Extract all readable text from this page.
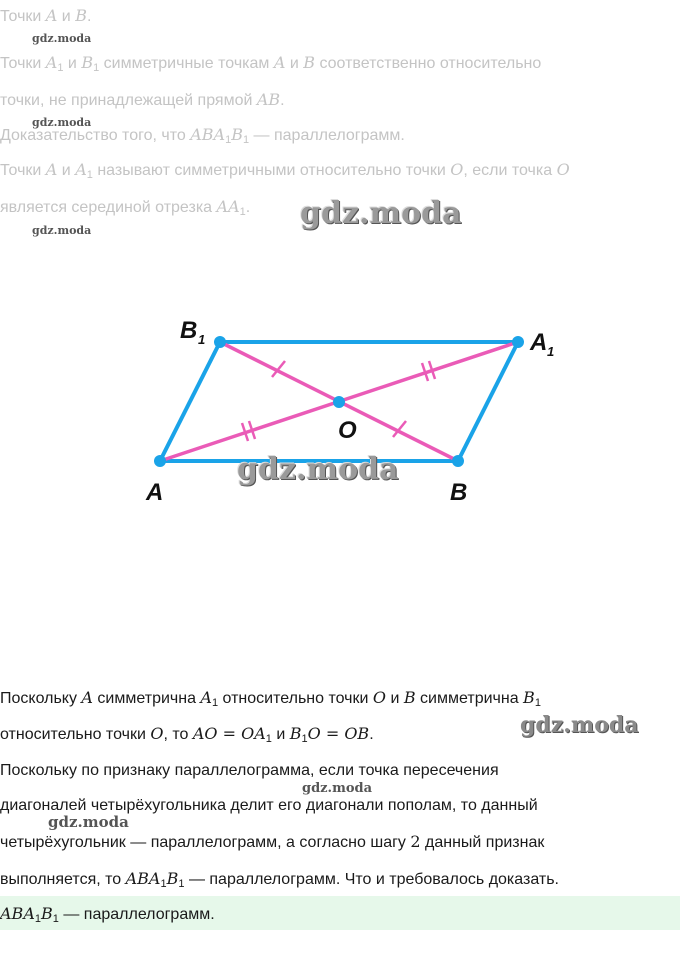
Точки A и B.
gdz.moda
Точки $A_1$ и $B_1$ симметричные точкам A и B соответственно относительно
точки, не принадлежащей прямой AB.
gdz.moda
Доказательство того, что $ABA_1B_1$ — параллелограмм.
Точки A и $A_1$ называют симметричными относительно точки O, если точка O
является серединой отрезка $AA_1$. gdz.moda
gdz.moda
A	B
O
A 1
B 1
gdz.moda
Поскольку A симметрична $A_1$ относительно точки O и B симметрична $B_1$
относительно точки O, то AO = $OA_1$ и $B_1O$ = OB.	gdz.moda
Поскольку по признаку параллелограмма, если точка пересечения
gdz.moda
диагоналей четырёхугольника делит его диагонали пополам, то данный
gdz.moda
четырёхугольник — параллелограмм, а согласно шагу 2 данный признак
выполняется, то $ABA_1B_1$ — параллелограмм. Что и требовалось доказать.
$ABA_1B_1$ — параллелограмм.
